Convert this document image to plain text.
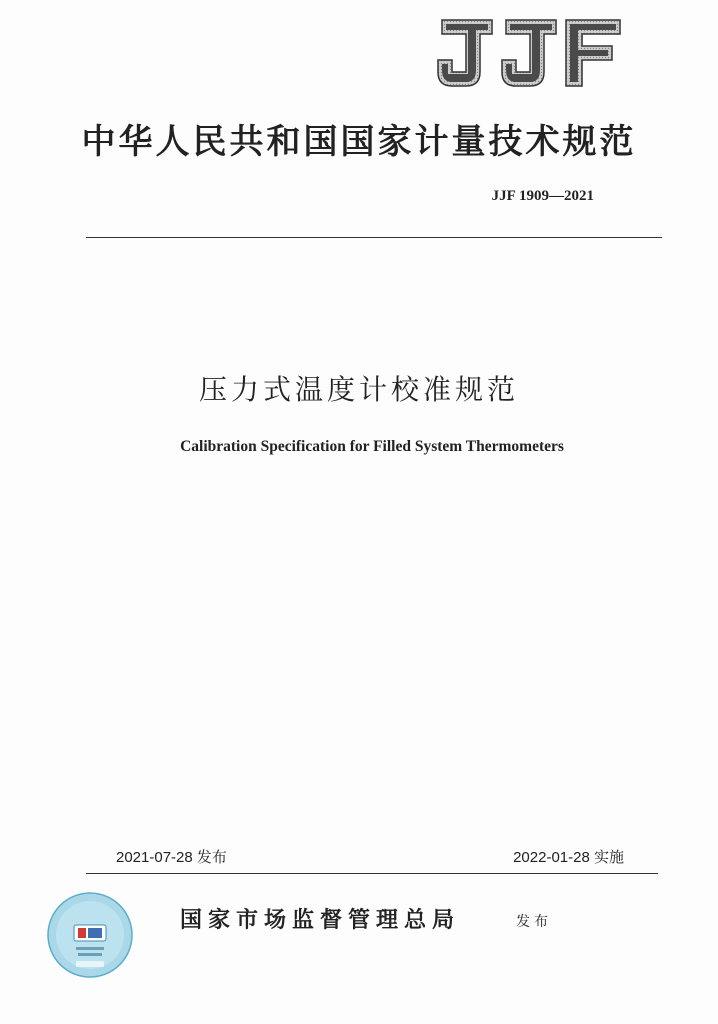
中华人民共和国国家计量技术规范
JJF 1909—2021
压力式温度计校准规范
Calibration Specification for Filled System Thermometers
2021-07-28 发布	2022-01-28 实施
国家市场监督管理总局	发布
